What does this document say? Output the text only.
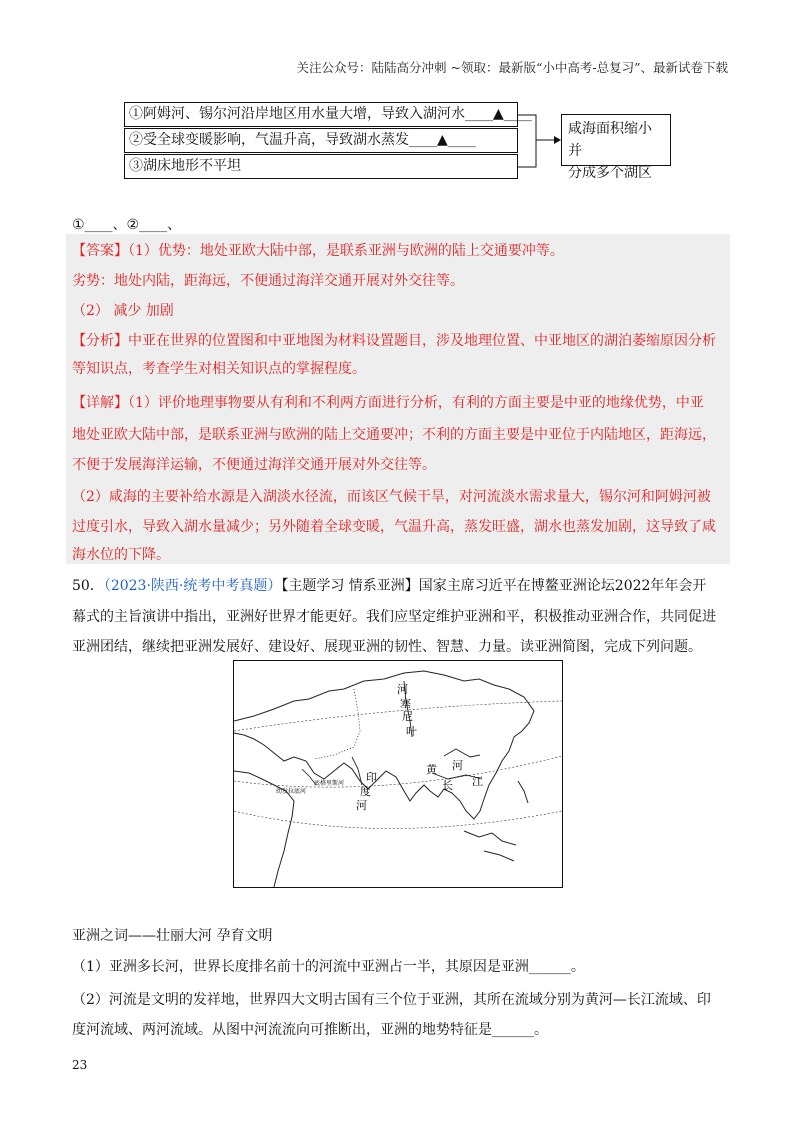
关注公众号：陆陆高分冲刺 ~领取：最新版“小中高考-总复习”、最新试卷下载
①阿姆河、锡尔河沿岸地区用水量大增，导致入湖河水____▲____
②受全球变暖影响，气温升高，导致湖水蒸发____▲____
③湖床地形不平坦
咸海面积缩小并
分成多个湖区
①____、②____、
【答案】（1）优势：地处亚欧大陆中部，是联系亚洲与欧洲的陆上交通要冲等。
劣势：地处内陆，距海远，不便通过海洋交通开展对外交往等。
（2） 减少 加剧
【分析】中亚在世界的位置图和中亚地图为材料设置题目，涉及地理位置、中亚地区的湖泊萎缩原因分析
等知识点，考查学生对相关知识点的掌握程度。
【详解】（1）评价地理事物要从有利和不利两方面进行分析，有利的方面主要是中亚的地缘优势，中亚
地处亚欧大陆中部，是联系亚洲与欧洲的陆上交通要冲；不利的方面主要是中亚位于内陆地区，距海远，
不便于发展海洋运输，不便通过海洋交通开展对外交往等。
（2）咸海的主要补给水源是入湖淡水径流，而该区气候干旱，对河流淡水需求量大，锡尔河和阿姆河被
过度引水，导致入湖水量减少；另外随着全球变暖，气温升高，蒸发旺盛，湖水也蒸发加剧，这导致了咸
海水位的下降。
50．（2023·陕西·统考中考真题）【主题学习 情系亚洲】国家主席习近平在博鳌亚洲论坛2022年年会开
幕式的主旨演讲中指出，亚洲好世界才能更好。我们应坚定维护亚洲和平，积极推动亚洲合作，共同促进
亚洲团结，继续把亚洲发展好、建设好、展现亚洲的韧性、智慧、力量。读亚洲简图，完成下列问题。
河
塞
尼
叶
黄 河
长 江
印
度
河
底格里斯河
幼发拉底河
亚洲之词——壮丽大河 孕育文明
（1）亚洲多长河，世界长度排名前十的河流中亚洲占一半，其原因是亚洲______。
（2）河流是文明的发祥地，世界四大文明古国有三个位于亚洲，其所在流域分别为黄河—长江流域、印
度河流域、两河流域。从图中河流流向可推断出，亚洲的地势特征是______。
23
